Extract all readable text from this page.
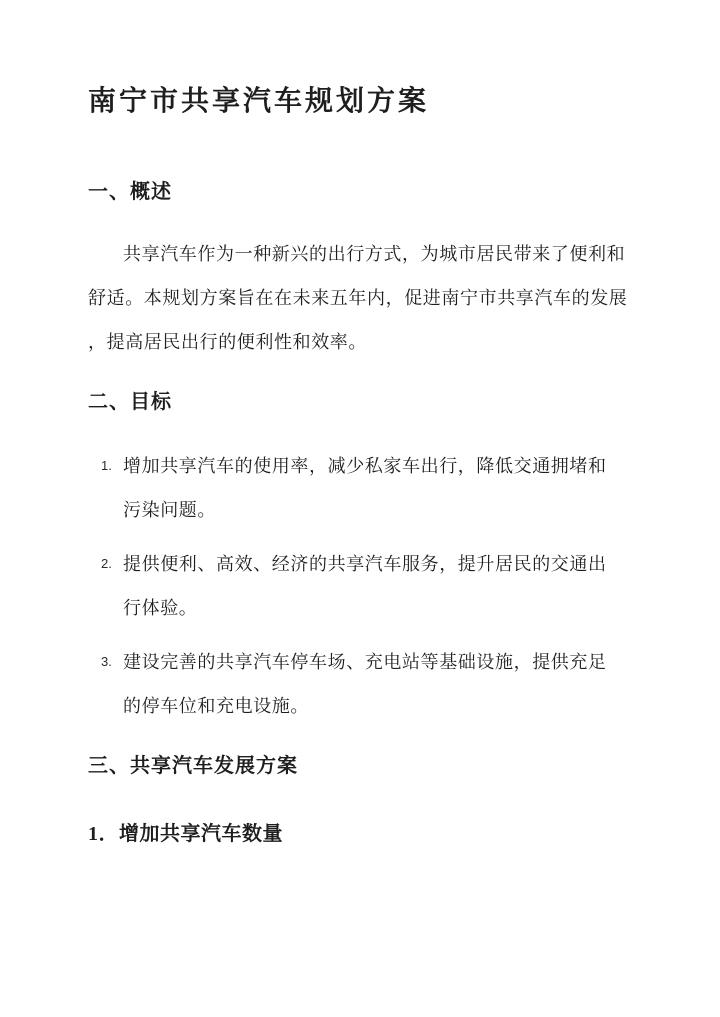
南宁市共享汽车规划方案
一、概述
共享汽车作为一种新兴的出行方式，为城市居民带来了便利和
舒适。本规划方案旨在在未来五年内，促进南宁市共享汽车的发展
，提高居民出行的便利性和效率。
二、目标
1. 增加共享汽车的使用率，减少私家车出行，降低交通拥堵和
污染问题。
2. 提供便利、高效、经济的共享汽车服务，提升居民的交通出
行体验。
3. 建设完善的共享汽车停车场、充电站等基础设施，提供充足
的停车位和充电设施。
三、共享汽车发展方案
1．增加共享汽车数量
